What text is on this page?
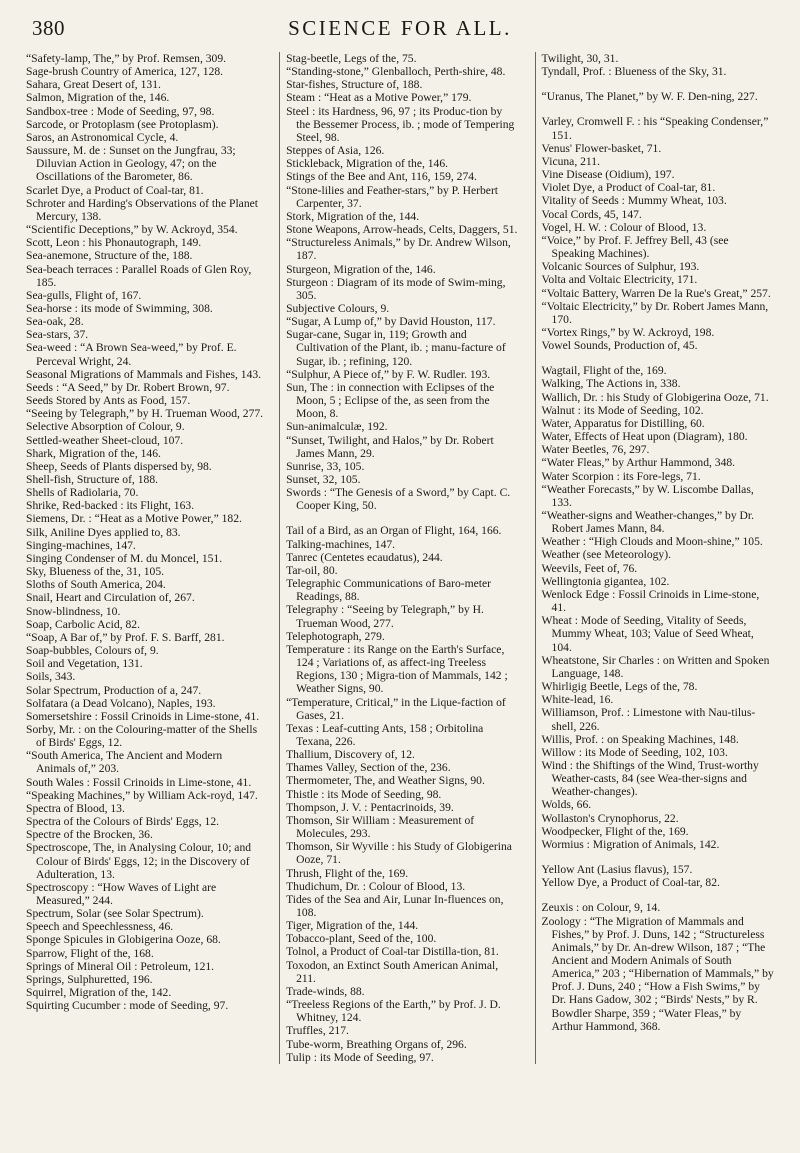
380	SCIENCE FOR ALL.
“Safety-lamp, The,” by Prof. Remsen, 309.
Sage-brush Country of America, 127, 128.
Sahara, Great Desert of, 131.
Salmon, Migration of the, 146.
Sandbox-tree : Mode of Seeding, 97, 98.
Sarcode, or Protoplasm (see Protoplasm).
Saros, an Astronomical Cycle, 4.
Saussure, M. de : Sunset on the Jungfrau, 33; Diluvian Action in Geology, 47; on the Oscillations of the Barometer, 86.
Scarlet Dye, a Product of Coal-tar, 81.
Schroter and Harding's Observations of the Planet Mercury, 138.
“Scientific Deceptions,” by W. Ackroyd, 354.
Scott, Leon : his Phonautograph, 149.
Sea-anemone, Structure of the, 188.
Sea-beach terraces : Parallel Roads of Glen Roy, 185.
Sea-gulls, Flight of, 167.
Sea-horse : its mode of Swimming, 308.
Sea-oak, 28.
Sea-stars, 37.
Sea-weed : “A Brown Sea-weed,” by Prof. E. Perceval Wright, 24.
Seasonal Migrations of Mammals and Fishes, 143.
Seeds : “A Seed,” by Dr. Robert Brown, 97.
Seeds Stored by Ants as Food, 157.
“Seeing by Telegraph,” by H. Trueman Wood, 277.
Selective Absorption of Colour, 9.
Settled-weather Sheet-cloud, 107.
Shark, Migration of the, 146.
Sheep, Seeds of Plants dispersed by, 98.
Shell-fish, Structure of, 188.
Shells of Radiolaria, 70.
Shrike, Red-backed : its Flight, 163.
Siemens, Dr. : “Heat as a Motive Power,” 182.
Silk, Aniline Dyes applied to, 83.
Singing-machines, 147.
Singing Condenser of M. du Moncel, 151.
Sky, Blueness of the, 31, 105.
Sloths of South America, 204.
Snail, Heart and Circulation of, 267.
Snow-blindness, 10.
Soap, Carbolic Acid, 82.
“Soap, A Bar of,” by Prof. F. S. Barff, 281.
Soap-bubbles, Colours of, 9.
Soil and Vegetation, 131.
Soils, 343.
Solar Spectrum, Production of a, 247.
Solfatara (a Dead Volcano), Naples, 193.
Somersetshire : Fossil Crinoids in Lime-stone, 41.
Sorby, Mr. : on the Colouring-matter of the Shells of Birds' Eggs, 12.
“South America, The Ancient and Modern Animals of,” 203.
South Wales : Fossil Crinoids in Lime-stone, 41.
“Speaking Machines,” by William Ack-royd, 147.
Spectra of Blood, 13.
Spectra of the Colours of Birds' Eggs, 12.
Spectre of the Brocken, 36.
Spectroscope, The, in Analysing Colour, 10; and Colour of Birds' Eggs, 12; in the Discovery of Adulteration, 13.
Spectroscopy : “How Waves of Light are Measured,” 244.
Spectrum, Solar (see Solar Spectrum).
Speech and Speechlessness, 46.
Sponge Spicules in Globigerina Ooze, 68.
Sparrow, Flight of the, 168.
Springs of Mineral Oil : Petroleum, 121.
Springs, Sulphuretted, 196.
Squirrel, Migration of the, 142.
Squirting Cucumber : mode of Seeding, 97.
Stag-beetle, Legs of the, 75.
“Standing-stone,” Glenballoch, Perth-shire, 48.
Star-fishes, Structure of, 188.
Steam : “Heat as a Motive Power,” 179.
Steel : its Hardness, 96, 97 ; its Produc-tion by the Bessemer Process, ib. ; mode of Tempering Steel, 98.
Steppes of Asia, 126.
Stickleback, Migration of the, 146.
Stings of the Bee and Ant, 116, 159, 274.
“Stone-lilies and Feather-stars,” by P. Herbert Carpenter, 37.
Stork, Migration of the, 144.
Stone Weapons, Arrow-heads, Celts, Daggers, 51.
“Structureless Animals,” by Dr. Andrew Wilson, 187.
Sturgeon, Migration of the, 146.
Sturgeon : Diagram of its mode of Swim-ming, 305.
Subjective Colours, 9.
“Sugar, A Lump of,” by David Houston, 117.
Sugar-cane, Sugar in, 119; Growth and Cultivation of the Plant, ib. ; manu-facture of Sugar, ib. ; refining, 120.
“Sulphur, A Piece of,” by F. W. Rudler. 193.
Sun, The : in connection with Eclipses of the Moon, 5 ; Eclipse of the, as seen from the Moon, 8.
Sun-animalculæ, 192.
“Sunset, Twilight, and Halos,” by Dr. Robert James Mann, 29.
Sunrise, 33, 105.
Sunset, 32, 105.
Swords : “The Genesis of a Sword,” by Capt. C. Cooper King, 50.
Tail of a Bird, as an Organ of Flight, 164, 166.
Talking-machines, 147.
Tanrec (Centetes ecaudatus), 244.
Tar-oil, 80.
Telegraphic Communications of Baro-meter Readings, 88.
Telegraphy : “Seeing by Telegraph,” by H. Trueman Wood, 277.
Telephotograph, 279.
Temperature : its Range on the Earth's Surface, 124 ; Variations of, as affect-ing Treeless Regions, 130 ; Migra-tion of Mammals, 142 ; Weather Signs, 90.
“Temperature, Critical,” in the Lique-faction of Gases, 21.
Texas : Leaf-cutting Ants, 158 ; Orbitolina Texana, 226.
Thallium, Discovery of, 12.
Thames Valley, Section of the, 236.
Thermometer, The, and Weather Signs, 90.
Thistle : its Mode of Seeding, 98.
Thompson, J. V. : Pentacrinoids, 39.
Thomson, Sir William : Measurement of Molecules, 293.
Thomson, Sir Wyville : his Study of Globigerina Ooze, 71.
Thrush, Flight of the, 169.
Thudichum, Dr. : Colour of Blood, 13.
Tides of the Sea and Air, Lunar In-fluences on, 108.
Tiger, Migration of the, 144.
Tobacco-plant, Seed of the, 100.
Tolnol, a Product of Coal-tar Distilla-tion, 81.
Toxodon, an Extinct South American Animal, 211.
Trade-winds, 88.
“Treeless Regions of the Earth,” by Prof. J. D. Whitney, 124.
Truffles, 217.
Tube-worm, Breathing Organs of, 296.
Tulip : its Mode of Seeding, 97.
Twilight, 30, 31.
Tyndall, Prof. : Blueness of the Sky, 31.
“Uranus, The Planet,” by W. F. Den-ning, 227.
Varley, Cromwell F. : his “Speaking Condenser,” 151.
Venus' Flower-basket, 71.
Vicuna, 211.
Vine Disease (Oidium), 197.
Violet Dye, a Product of Coal-tar, 81.
Vitality of Seeds : Mummy Wheat, 103.
Vocal Cords, 45, 147.
Vogel, H. W. : Colour of Blood, 13.
“Voice,” by Prof. F. Jeffrey Bell, 43 (see Speaking Machines).
Volcanic Sources of Sulphur, 193.
Volta and Voltaic Electricity, 171.
“Voltaic Battery, Warren De la Rue's Great,” 257.
“Voltaic Electricity,” by Dr. Robert James Mann, 170.
“Vortex Rings,” by W. Ackroyd, 198.
Vowel Sounds, Production of, 45.
Wagtail, Flight of the, 169.
Walking, The Actions in, 338.
Wallich, Dr. : his Study of Globigerina Ooze, 71.
Walnut : its Mode of Seeding, 102.
Water, Apparatus for Distilling, 60.
Water, Effects of Heat upon (Diagram), 180.
Water Beetles, 76, 297.
“Water Fleas,” by Arthur Hammond, 348.
Water Scorpion : its Fore-legs, 71.
“Weather Forecasts,” by W. Liscombe Dallas, 133.
“Weather-signs and Weather-changes,” by Dr. Robert James Mann, 84.
Weather : “High Clouds and Moon-shine,” 105.
Weather (see Meteorology).
Weevils, Feet of, 76.
Wellingtonia gigantea, 102.
Wenlock Edge : Fossil Crinoids in Lime-stone, 41.
Wheat : Mode of Seeding, Vitality of Seeds, Mummy Wheat, 103; Value of Seed Wheat, 104.
Wheatstone, Sir Charles : on Written and Spoken Language, 148.
Whirligig Beetle, Legs of the, 78.
White-lead, 16.
Williamson, Prof. : Limestone with Nau-tilus-shell, 226.
Willis, Prof. : on Speaking Machines, 148.
Willow : its Mode of Seeding, 102, 103.
Wind : the Shiftings of the Wind, Trust-worthy Weather-casts, 84 (see Wea-ther-signs and Weather-changes).
Wolds, 66.
Wollaston's Crynophorus, 22.
Woodpecker, Flight of the, 169.
Wormius : Migration of Animals, 142.
Yellow Ant (Lasius flavus), 157.
Yellow Dye, a Product of Coal-tar, 82.
Zeuxis : on Colour, 9, 14.
Zoology : “The Migration of Mammals and Fishes,” by Prof. J. Duns, 142 ; “Structureless Animals,” by Dr. An-drew Wilson, 187 ; “The Ancient and Modern Animals of South America,” 203 ; “Hibernation of Mammals,” by Prof. J. Duns, 240 ; “How a Fish Swims,” by Dr. Hans Gadow, 302 ; “Birds' Nests,” by R. Bowdler Sharpe, 359 ; “Water Fleas,” by Arthur Hammond, 368.
